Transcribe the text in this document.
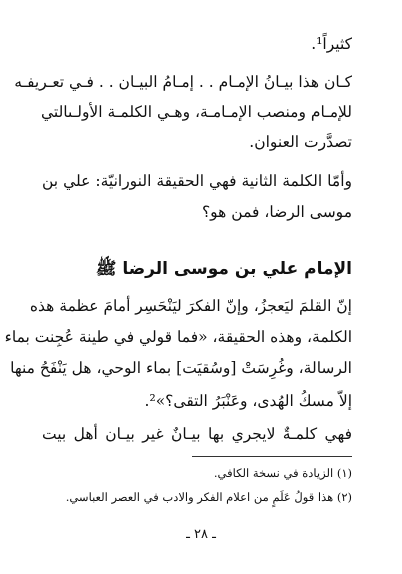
كثيراً¹.
كـان هذا بيـانُ الإمـام . . إمـامُ البيـان . . فـي تعـريفـه
للإمـام ومنصب الإمـامـة، وهـي الكلمـة الأولـىالتي
تصدَّرت العنوان.
وأمّا الكلمة الثانية فهي الحقيقة النورانيّة: علي بن
موسى الرضا، فمن هو؟
الإمام علي بن موسى الرضا ﷺ
إنّ القلمَ ليَعجزُ، وإنّ الفكرَ ليَنْحَسِر أمامَ عظمة هذه
الكلمة، وهذه الحقيقة، «فما قولي في طينة عُجِنت بماء
الرسالة، وغُرِسَتْ [وسُقيَت] بماء الوحي، هل يَنْفَحُ منها
إلاّ مسكُ الهُدى، وعَنْبَرُ التقى؟»².
فهي كلمـةٌ لايجري بها بيـانٌ غير بيـان أهل بيت
(١) الزيادة في نسخة الكافي.
(٢) هذا قولُ عَلَمٍ من اعلام الفكر والادب في العصر العباسي.
ـ ٢٨ ـ
